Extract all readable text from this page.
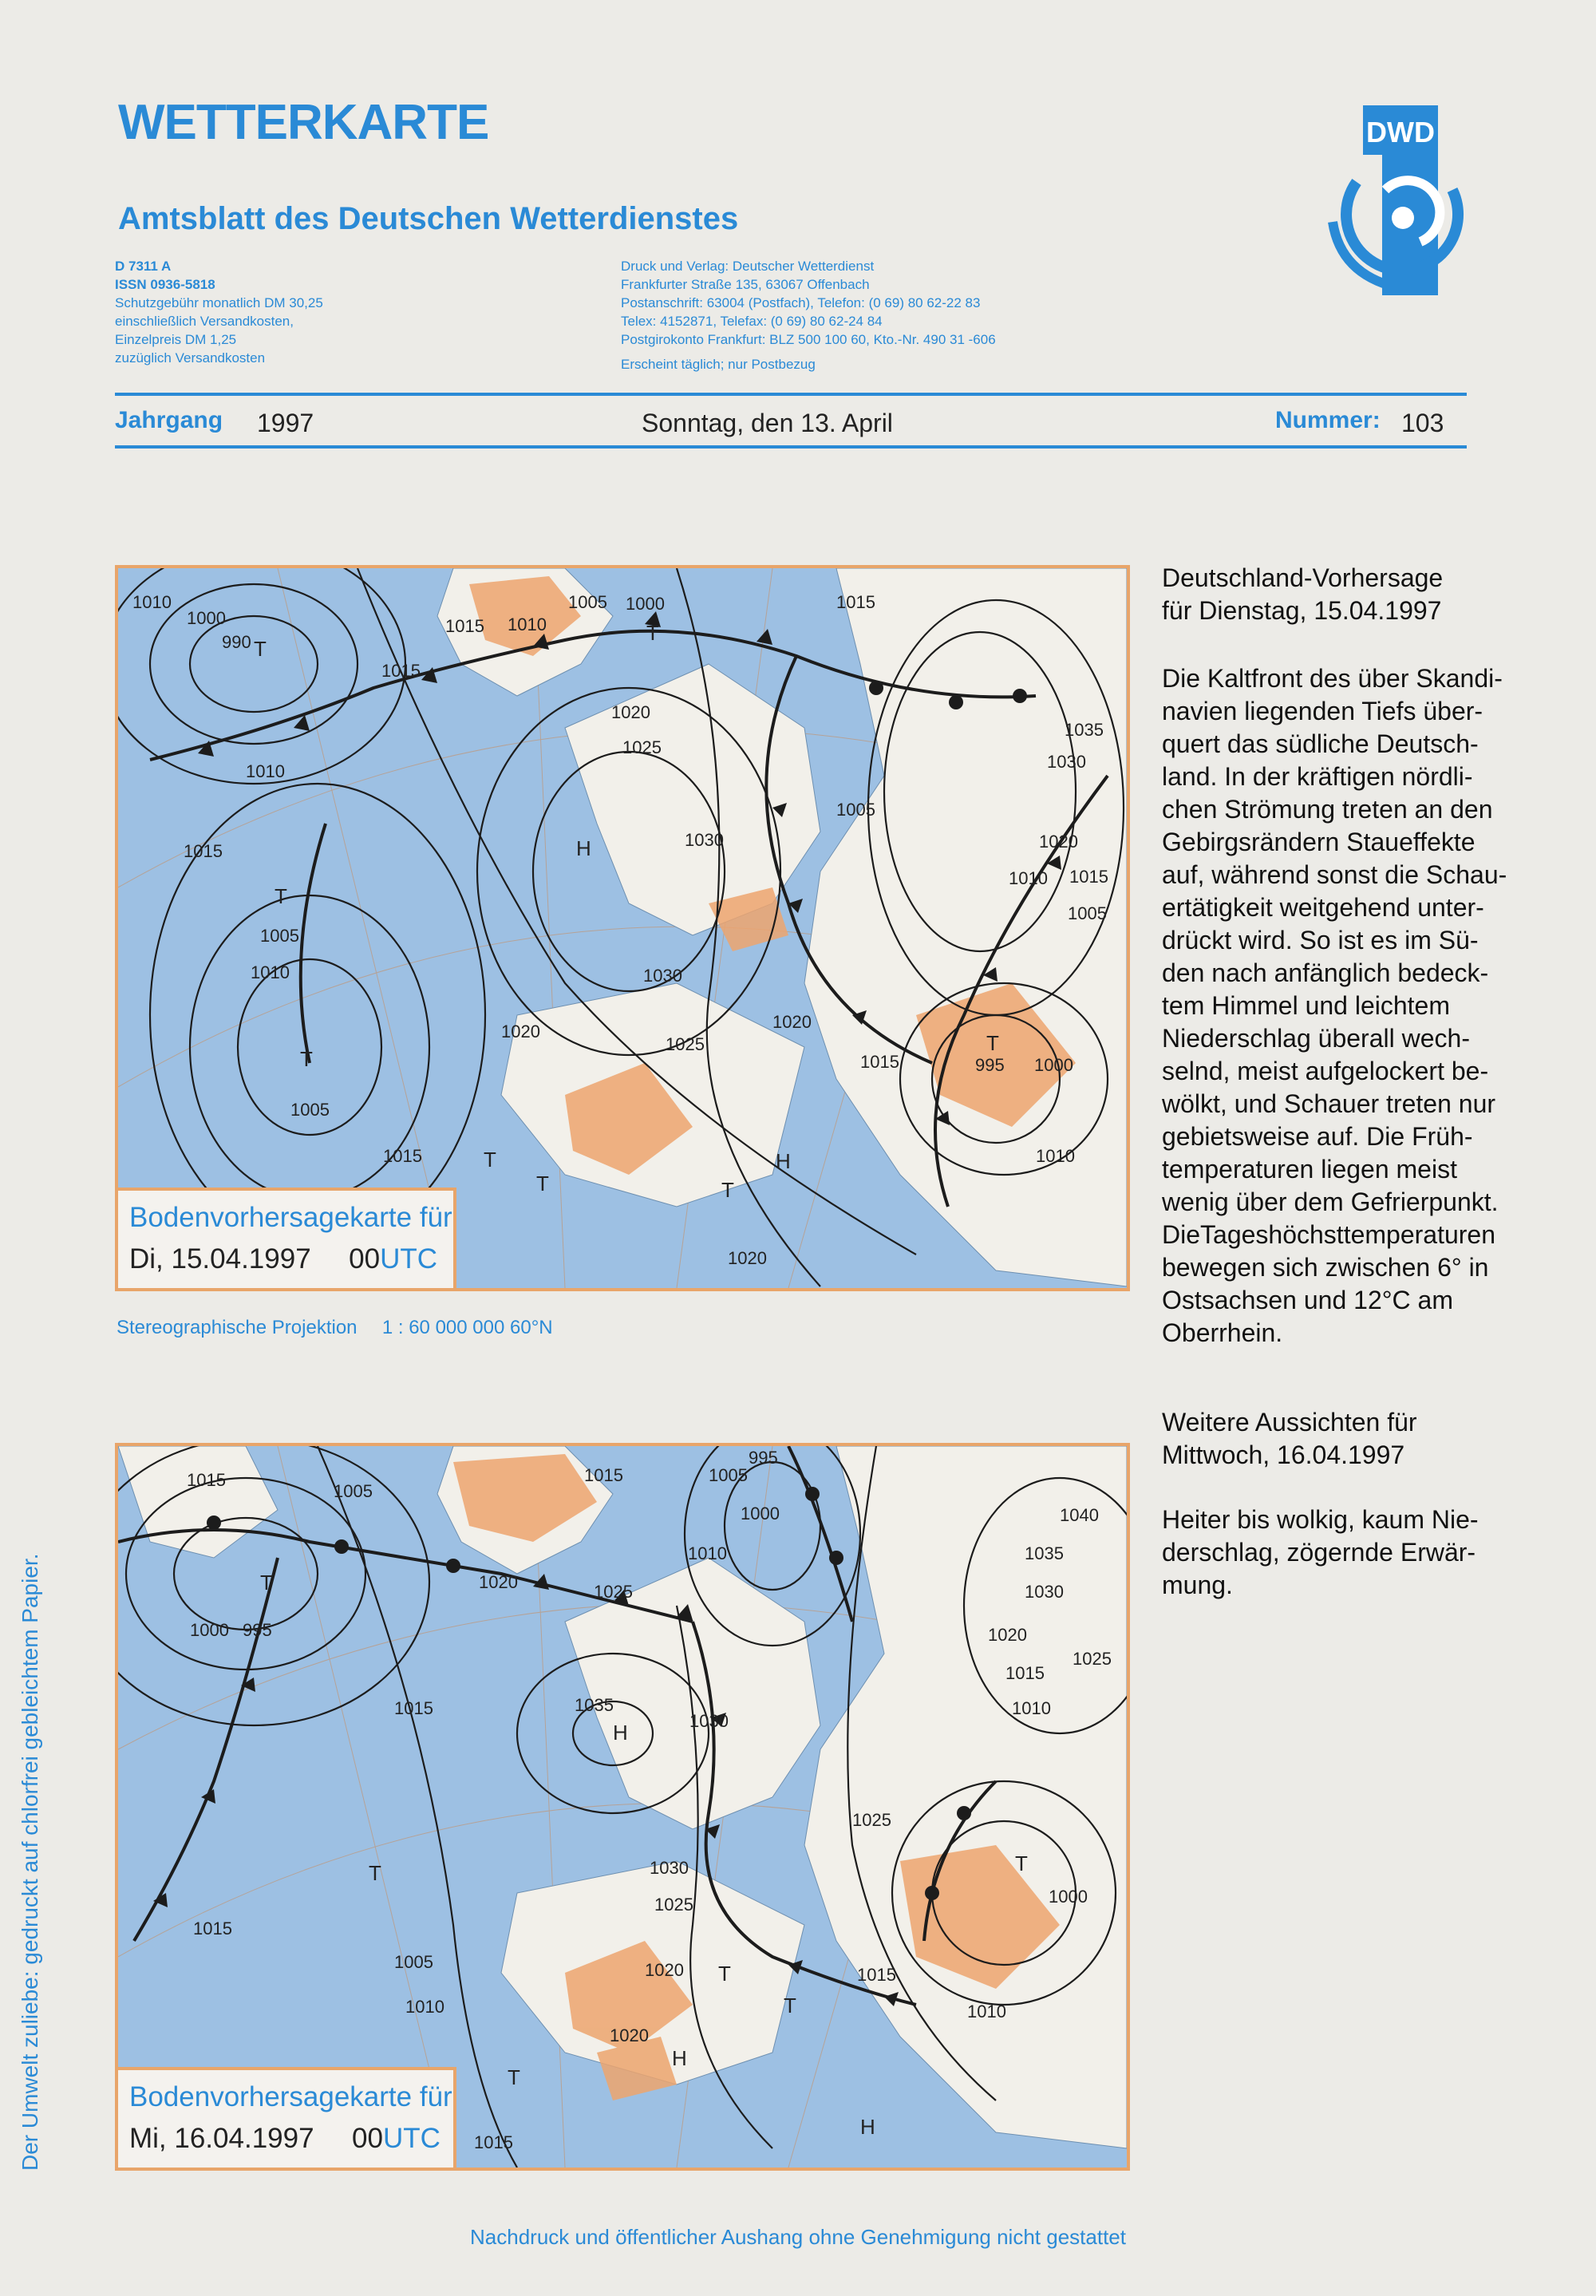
WETTERKARTE
Amtsblatt des Deutschen Wetterdienstes
D 7311 A
ISSN 0936-5818
Schutzgebühr monatlich DM 30,25
einschließlich Versandkosten,
Einzelpreis DM 1,25
zuzüglich Versandkosten
Druck und Verlag: Deutscher Wetterdienst
Frankfurter Straße 135, 63067 Offenbach
Postanschrift: 63004 (Postfach), Telefon: (0 69) 80 62-22 83
Telex: 4152871, Telefax: (0 69) 80 62-24 84
Postgirokonto Frankfurt: BLZ 500 100 60, Kto.-Nr. 490 31 -606
Erscheint täglich; nur Postbezug
DWD
Jahrgang 1997	Sonntag, den 13. April	Nummer: 103
1010
1000
990
1015
1005 1000	1015
1010
1015
1020
1025
1010
1005
1030
1035
1030
1020
1010 1015
1005
1015
1005
1010
1005
1015
1020
1025
1030
1020
1015	995 1000
1010
1020
T
H
T
T
T
T
H
T
T
T
Bodenvorhersagekarte für
Di, 15.04.1997 00UTC
Stereographische Projektion 1 : 60 000 000 60°N
1015
1005
1000 995
1015
1020	1025
1005
1000
1010
995
1040
1035
1030
1020
1025
1015
1010
1035
1030
1025
1030
1025
1015
1005
1010
1020	1015
1010
1000
1020
1015
1015
T
T
H
T
T
T
H
H
T
Bodenvorhersagekarte für
Mi, 16.04.1997 00UTC
Deutschland-Vorhersage
für Dienstag, 15.04.1997
Die Kaltfront des über Skandi-
navien liegenden Tiefs über-
quert das südliche Deutsch-
land. In der kräftigen nördli-
chen Strömung treten an den
Gebirgsrändern Staueffekte
auf, während sonst die Schau-
ertätigkeit weitgehend unter-
drückt wird. So ist es im Sü-
den nach anfänglich bedeck-
tem Himmel und leichtem
Niederschlag überall wech-
selnd, meist aufgelockert be-
wölkt, und Schauer treten nur
gebietsweise auf. Die Früh-
temperaturen liegen meist
wenig über dem Gefrierpunkt.
DieTageshöchsttemperaturen
bewegen sich zwischen 6° in
Ostsachsen und 12°C am
Oberrhein.
Weitere Aussichten für
Mittwoch, 16.04.1997
Heiter bis wolkig, kaum Nie-
derschlag, zögernde Erwär-
mung.
Der Umwelt zuliebe: gedruckt auf chlorfrei gebleichtem Papier.
Nachdruck und öffentlicher Aushang ohne Genehmigung nicht gestattet
